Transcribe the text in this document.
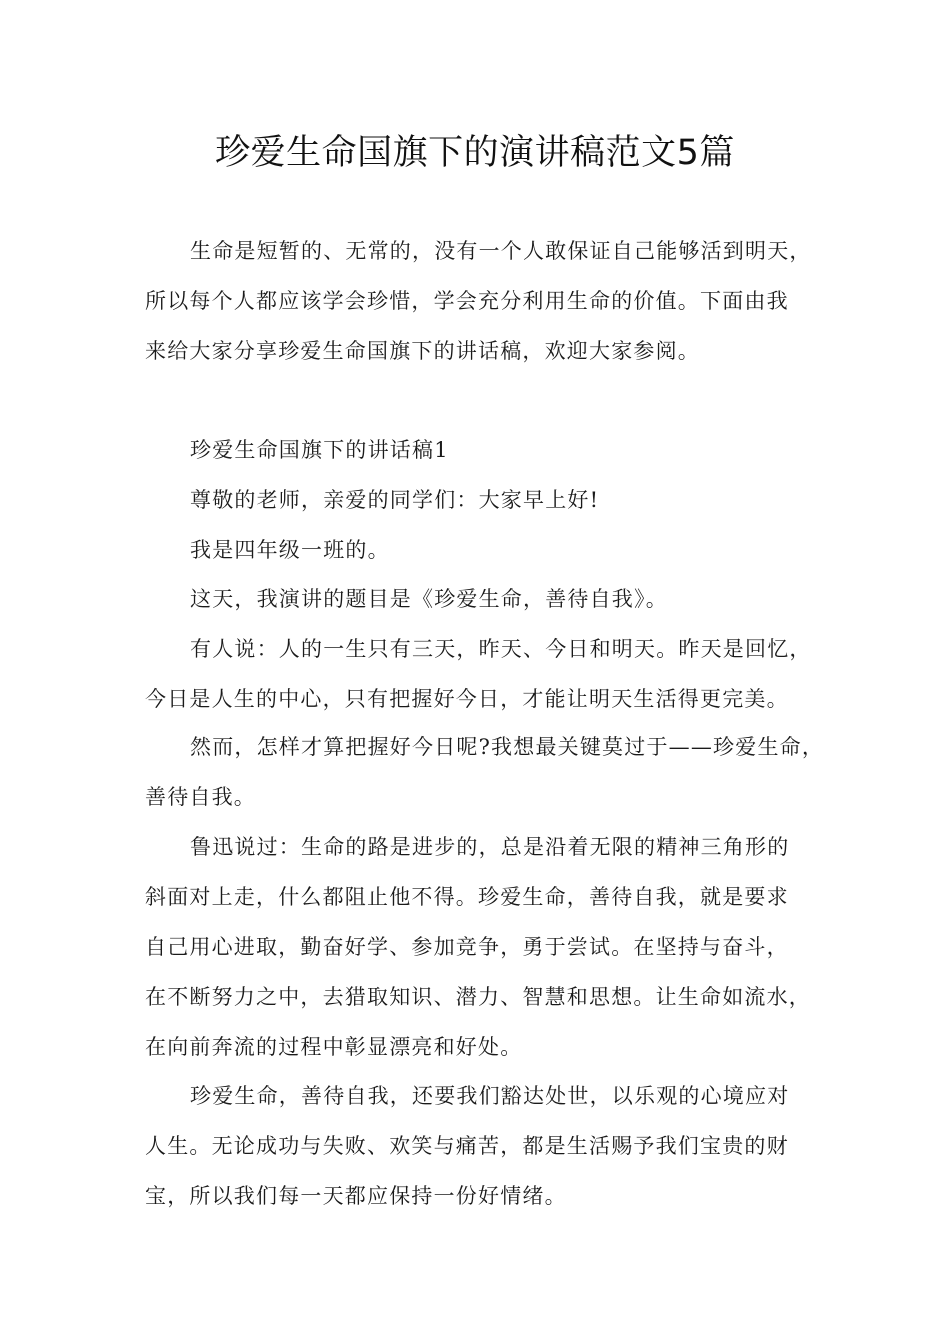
珍爱生命国旗下的演讲稿范文5篇
生命是短暂的、无常的，没有一个人敢保证自己能够活到明天，
所以每个人都应该学会珍惜，学会充分利用生命的价值。下面由我
来给大家分享珍爱生命国旗下的讲话稿，欢迎大家参阅。

珍爱生命国旗下的讲话稿1

尊敬的老师，亲爱的同学们：大家早上好!

我是四年级一班的。

这天，我演讲的题目是《珍爱生命，善待自我》。

有人说：人的一生只有三天，昨天、今日和明天。昨天是回忆，
今日是人生的中心，只有把握好今日，才能让明天生活得更完美。
然而，怎样才算把握好今日呢?我想最关键莫过于——珍爱生命，
善待自我。
鲁迅说过：生命的路是进步的，总是沿着无限的精神三角形的
斜面对上走，什么都阻止他不得。珍爱生命，善待自我，就是要求
自己用心进取，勤奋好学、参加竞争，勇于尝试。在坚持与奋斗，
在不断努力之中，去猎取知识、潜力、智慧和思想。让生命如流水，
在向前奔流的过程中彰显漂亮和好处。
珍爱生命，善待自我，还要我们豁达处世，以乐观的心境应对
人生。无论成功与失败、欢笑与痛苦，都是生活赐予我们宝贵的财
宝，所以我们每一天都应保持一份好情绪。
